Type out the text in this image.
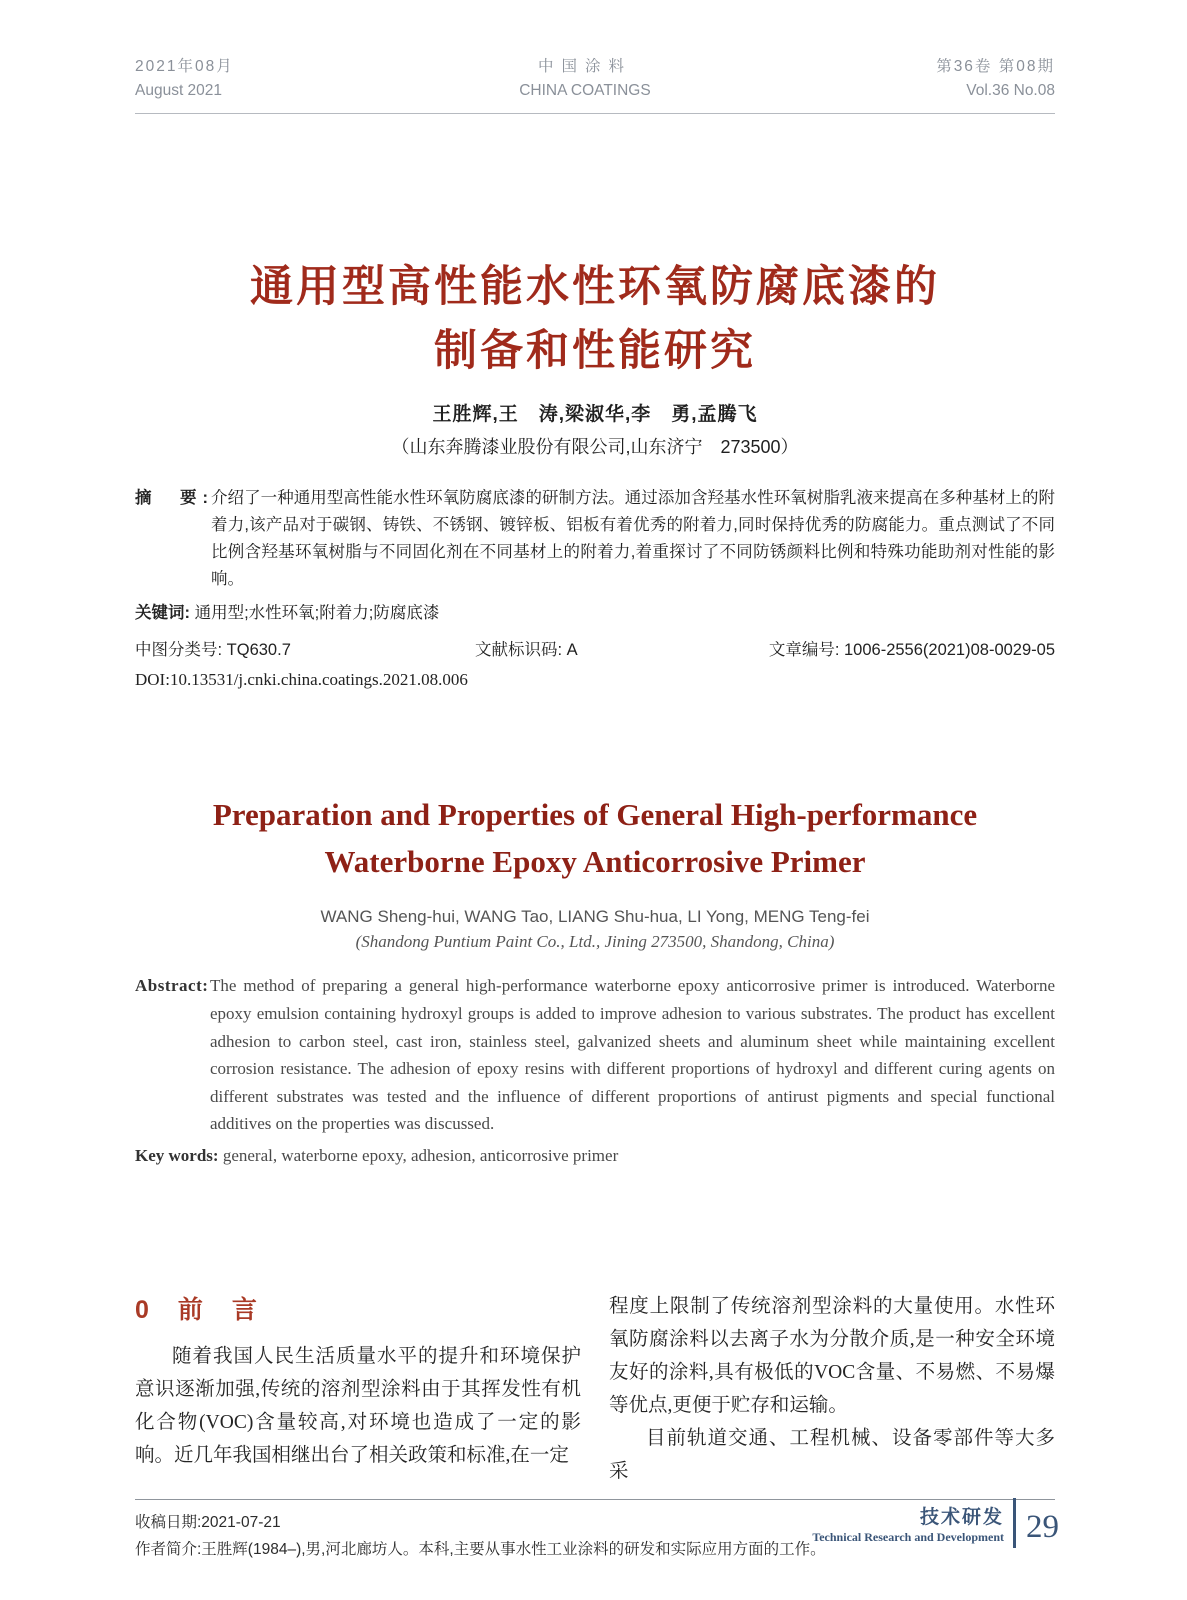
2021年08月
August 2021
中国涂料
CHINA COATINGS
第36卷 第08期
Vol.36 No.08
通用型高性能水性环氧防腐底漆的
制备和性能研究
王胜辉,王　涛,梁淑华,李　勇,孟腾飞
（山东奔腾漆业股份有限公司,山东济宁　273500）
摘　要:
介绍了一种通用型高性能水性环氧防腐底漆的研制方法。通过添加含羟基水性环氧树脂乳液来提高在多种基材上的附着力,该产品对于碳钢、铸铁、不锈钢、镀锌板、铝板有着优秀的附着力,同时保持优秀的防腐能力。重点测试了不同比例含羟基环氧树脂与不同固化剂在不同基材上的附着力,着重探讨了不同防锈颜料比例和特殊功能助剂对性能的影响。
关键词: 通用型;水性环氧;附着力;防腐底漆
中图分类号: TQ630.7	文献标识码: A	文章编号: 1006-2556(2021)08-0029-05
DOI:10.13531/j.cnki.china.coatings.2021.08.006
Preparation and Properties of General High-performance
Waterborne Epoxy Anticorrosive Primer
WANG Sheng-hui, WANG Tao, LIANG Shu-hua, LI Yong, MENG Teng-fei
(Shandong Puntium Paint Co., Ltd., Jining 273500, Shandong, China)
Abstract: The method of preparing a general high-performance waterborne epoxy anticorrosive primer is introduced. Waterborne epoxy emulsion containing hydroxyl groups is added to improve adhesion to various substrates. The product has excellent adhesion to carbon steel, cast iron, stainless steel, galvanized sheets and aluminum sheet while maintaining excellent corrosion resistance. The adhesion of epoxy resins with different proportions of hydroxyl and different curing agents on different substrates was tested and the influence of different proportions of antirust pigments and special functional additives on the properties was discussed.
Key words: general, waterborne epoxy, adhesion, anticorrosive primer
0　前　言

随着我国人民生活质量水平的提升和环境保护意识逐渐加强,传统的溶剂型涂料由于其挥发性有机化合物(VOC)含量较高,对环境也造成了一定的影响。近几年我国相继出台了相关政策和标准,在一定

程度上限制了传统溶剂型涂料的大量使用。水性环氧防腐涂料以去离子水为分散介质,是一种安全环境友好的涂料,具有极低的VOC含量、不易燃、不易爆等优点,更便于贮存和运输。

目前轨道交通、工程机械、设备零部件等大多采

收稿日期:2021-07-21
作者简介:王胜辉(1984–),男,河北廊坊人。本科,主要从事水性工业涂料的研发和实际应用方面的工作。
技术研发
Technical Research and Development 29
